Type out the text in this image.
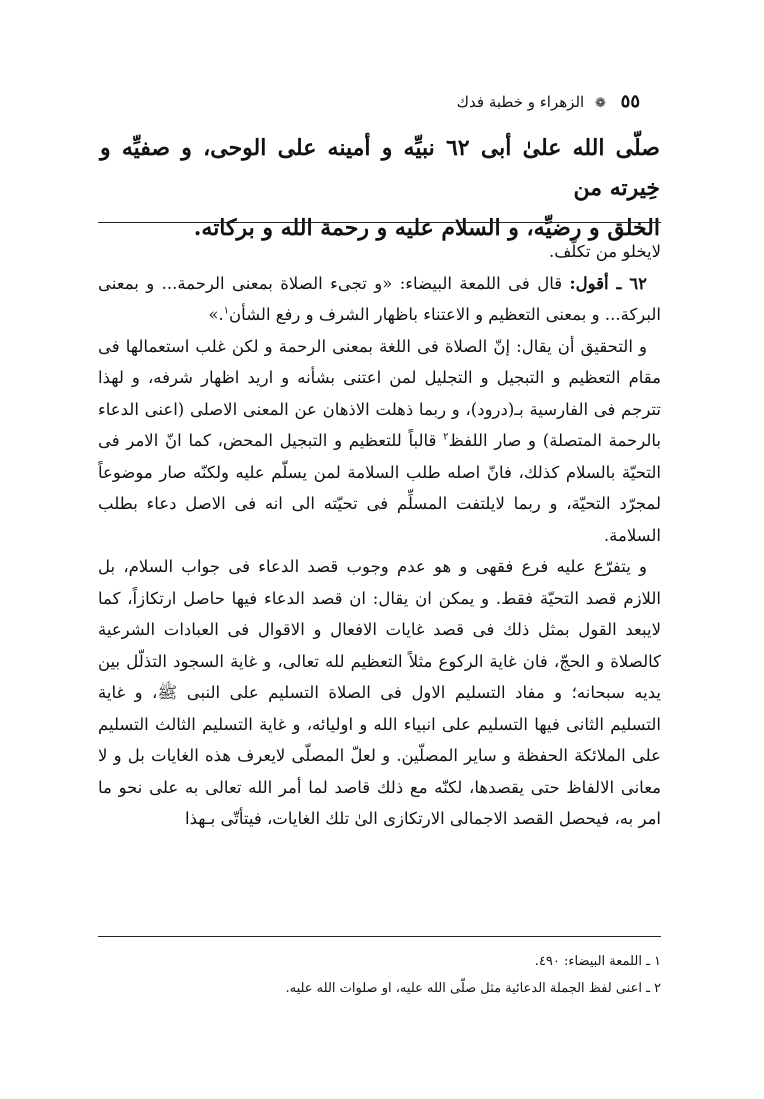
٥٥ ❁ الزهراء و خطبة فدك

صلّى الله علىٰ أبى ٦٢ نبيِّه و أمينه على الوحى، و صفيِّه و خِيرته من

الخلق و رضيِّه، و السلام عليه و رحمة الله و بركاته.

لايخلو من تكلّف.

٦٢ ـ أقول: قال فى اللمعة البيضاء: «و تجىء الصلاة بمعنى الرحمة... و بمعنى البركة... و بمعنى التعظيم و الاعتناء باظهار الشرف و رفع الشأن$^١$.»

و التحقيق أن يقال: إنّ الصلاة فى اللغة بمعنى الرحمة و لكن غلب استعمالها فى مقام التعظيم و التبجيل و التجليل لمن اعتنى بشأنه و اريد اظهار شرفه، و لهذا تترجم فى الفارسية بـ(درود)، و ربما ذهلت الاذهان عن المعنى الاصلى (اعنى الدعاء بالرحمة المتصلة) و صار اللفظ$^٢$ قالباً للتعظيم و التبجيل المحض، كما انّ الامر فى التحيّة بالسلام كذلك، فانّ اصله طلب السلامة لمن يسلّم عليه ولكنّه صار موضوعاً لمجرّد التحيّة، و ربما لايلتفت المسلِّم فى تحيّته الى انه فى الاصل دعاء بطلب السلامة.

و يتفرّع عليه فرع فقهى و هو عدم وجوب قصد الدعاء فى جواب السلام، بل اللازم قصد التحيّة فقط. و يمكن ان يقال: ان قصد الدعاء فيها حاصل ارتكازاً، كما لايبعد القول بمثل ذلك فى قصد غايات الافعال و الاقوال فى العبادات الشرعية كالصلاة و الحجّ، فان غاية الركوع مثلاً التعظيم لله تعالى، و غاية السجود التذلّل بين يديه سبحانه؛ و مفاد التسليم الاول فى الصلاة التسليم على النبى ﷺ، و غاية التسليم الثانى فيها التسليم على انبياء الله و اوليائه، و غاية التسليم الثالث التسليم على الملائكة الحفظة و ساير المصلّين. و لعلّ المصلّى لايعرف هذه الغايات بل و لا معانى الالفاظ حتى يقصدها، لكنّه مع ذلك قاصد لما أمر الله تعالى به على نحو ما امر به، فيحصل القصد الاجمالى الارتكازى الىٰ تلك الغايات، فيتأتّى بـهذا

١ ـ اللمعة البيضاء: ٤٩٠.

٢ ـ اعنى لفظ الجملة الدعائية مثل صلّى الله عليه، او صلوات الله عليه.
